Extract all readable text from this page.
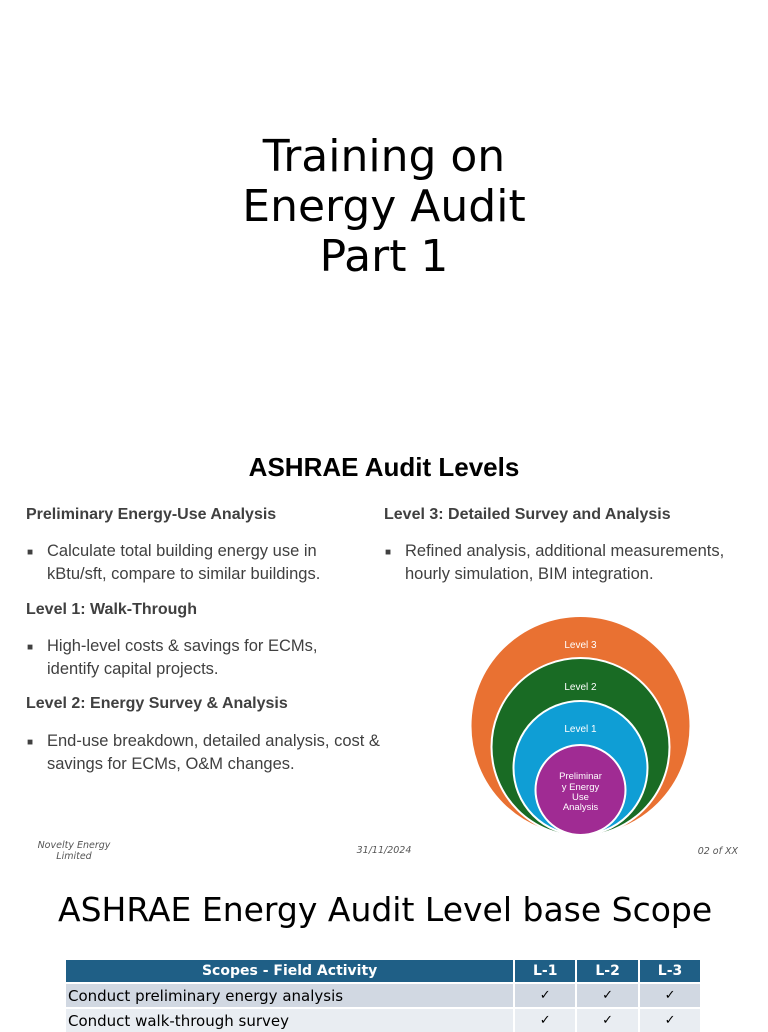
Training on
Energy Audit
Part 1
ASHRAE Audit Levels
Preliminary Energy-Use Analysis
■ Calculate total building energy use in kBtu/sft, compare to similar buildings.
Level 1: Walk-Through
■ High-level costs & savings for ECMs, identify capital projects.
Level 2: Energy Survey & Analysis
■ End-use breakdown, detailed analysis, cost & savings for ECMs, O&M changes.
Level 3: Detailed Survey and Analysis
■ Refined analysis, additional measurements, hourly simulation, BIM integration.
Level 3
Level 2
Level 1
Preliminar
y Energy
Use
Analysis
Novelty Energy
Limited
31/11/2024	02 of XX
ASHRAE Energy Audit Level base Scope
Scopes - Field Activity	L-1	L-2	L-3
Conduct preliminary energy analysis	✓	✓	✓
Conduct walk-through survey	✓	✓	✓
